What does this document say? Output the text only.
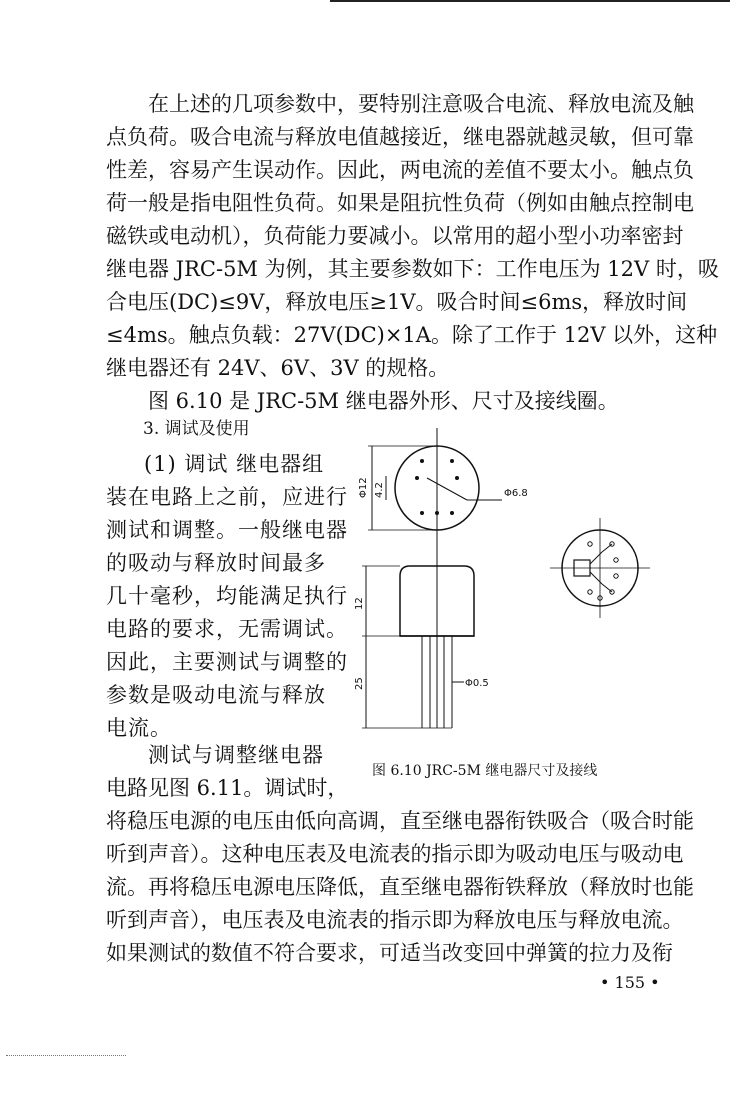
在上述的几项参数中，要特别注意吸合电流、释放电流及触
点负荷。吸合电流与释放电值越接近，继电器就越灵敏，但可靠
性差，容易产生误动作。因此，两电流的差值不要太小。触点负
荷一般是指电阻性负荷。如果是阻抗性负荷（例如由触点控制电
磁铁或电动机），负荷能力要减小。以常用的超小型小功率密封
继电器 JRC-5M 为例，其主要参数如下：工作电压为 12V 时，吸
合电压(DC)≤9V，释放电压≥1V。吸合时间≤6ms，释放时间
≤4ms。触点负载：27V(DC)×1A。除了工作于 12V 以外，这种
继电器还有 24V、6V、3V 的规格。
图 6.10 是 JRC-5M 继电器外形、尺寸及接线圈。
3. 调试及使用
(1) 调试 继电器组
装在电路上之前，应进行
测试和调整。一般继电器
的吸动与释放时间最多
几十毫秒，均能满足执行
电路的要求，无需调试。
因此，主要测试与调整的
参数是吸动电流与释放
电流。
Φ6.8
Φ12 4.2
12
25	Φ0.5
图 6.10 JRC-5M 继电器尺寸及接线
测试与调整继电器
电路见图 6.11。调试时，
将稳压电源的电压由低向高调，直至继电器衔铁吸合（吸合时能
听到声音）。这种电压表及电流表的指示即为吸动电压与吸动电
流。再将稳压电源电压降低，直至继电器衔铁释放（释放时也能
听到声音），电压表及电流表的指示即为释放电压与释放电流。
如果测试的数值不符合要求，可适当改变回中弹簧的拉力及衔
• 155 •
